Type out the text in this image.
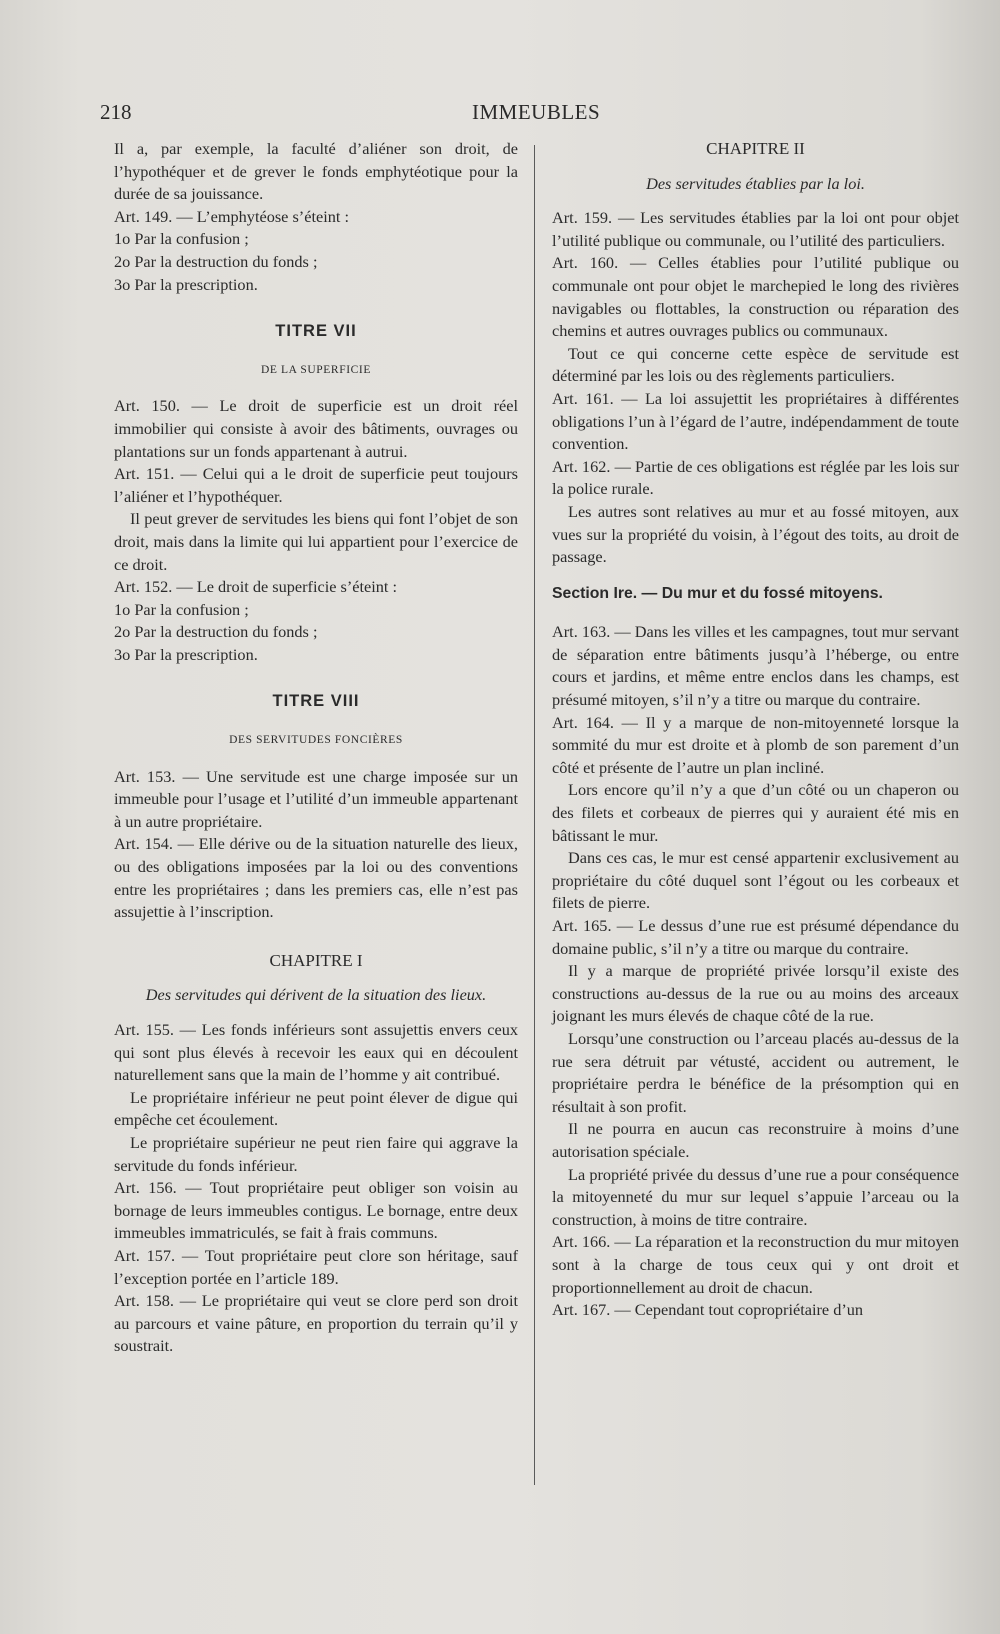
218	IMMEUBLES

Il a, par exemple, la faculté d’aliéner son droit, de l’hypothéquer et de grever le fonds emphytéotique pour la durée de sa jouissance.

Art. 149. — L’emphytéose s’éteint :

1o Par la confusion ;

2o Par la destruction du fonds ;

3o Par la prescription.

TITRE VII
DE LA SUPERFICIE

Art. 150. — Le droit de superficie est un droit réel immobilier qui consiste à avoir des bâtiments, ouvrages ou plantations sur un fonds appartenant à autrui.

Art. 151. — Celui qui a le droit de superficie peut toujours l’aliéner et l’hypothéquer.

Il peut grever de servitudes les biens qui font l’objet de son droit, mais dans la limite qui lui appartient pour l’exercice de ce droit.

Art. 152. — Le droit de superficie s’éteint :

1o Par la confusion ;

2o Par la destruction du fonds ;

3o Par la prescription.

TITRE VIII
DES SERVITUDES FONCIÈRES

Art. 153. — Une servitude est une charge imposée sur un immeuble pour l’usage et l’utilité d’un immeuble appartenant à un autre propriétaire.

Art. 154. — Elle dérive ou de la situation naturelle des lieux, ou des obligations imposées par la loi ou des conventions entre les propriétaires ; dans les premiers cas, elle n’est pas assujettie à l’inscription.

CHAPITRE I
Des servitudes qui dérivent de la situation des lieux.

Art. 155. — Les fonds inférieurs sont assujettis envers ceux qui sont plus élevés à recevoir les eaux qui en découlent naturellement sans que la main de l’homme y ait contribué.

Le propriétaire inférieur ne peut point élever de digue qui empêche cet écoulement.

Le propriétaire supérieur ne peut rien faire qui aggrave la servitude du fonds inférieur.

Art. 156. — Tout propriétaire peut obliger son voisin au bornage de leurs immeubles contigus. Le bornage, entre deux immeubles immatriculés, se fait à frais communs.

Art. 157. — Tout propriétaire peut clore son héritage, sauf l’exception portée en l’article 189.

Art. 158. — Le propriétaire qui veut se clore perd son droit au parcours et vaine pâture, en proportion du terrain qu’il y soustrait.

CHAPITRE II
Des servitudes établies par la loi.

Art. 159. — Les servitudes établies par la loi ont pour objet l’utilité publique ou communale, ou l’utilité des particuliers.

Art. 160. — Celles établies pour l’utilité publique ou communale ont pour objet le marchepied le long des rivières navigables ou flottables, la construction ou réparation des chemins et autres ouvrages publics ou communaux.

Tout ce qui concerne cette espèce de servitude est déterminé par les lois ou des règlements particuliers.

Art. 161. — La loi assujettit les propriétaires à différentes obligations l’un à l’égard de l’autre, indépendamment de toute convention.

Art. 162. — Partie de ces obligations est réglée par les lois sur la police rurale.

Les autres sont relatives au mur et au fossé mitoyen, aux vues sur la propriété du voisin, à l’égout des toits, au droit de passage.

Section Ire. — Du mur et du fossé mitoyens.

Art. 163. — Dans les villes et les campagnes, tout mur servant de séparation entre bâtiments jusqu’à l’héberge, ou entre cours et jardins, et même entre enclos dans les champs, est présumé mitoyen, s’il n’y a titre ou marque du contraire.

Art. 164. — Il y a marque de non-mitoyenneté lorsque la sommité du mur est droite et à plomb de son parement d’un côté et présente de l’autre un plan incliné.

Lors encore qu’il n’y a que d’un côté ou un chaperon ou des filets et corbeaux de pierres qui y auraient été mis en bâtissant le mur.

Dans ces cas, le mur est censé appartenir exclusivement au propriétaire du côté duquel sont l’égout ou les corbeaux et filets de pierre.

Art. 165. — Le dessus d’une rue est présumé dépendance du domaine public, s’il n’y a titre ou marque du contraire.

Il y a marque de propriété privée lorsqu’il existe des constructions au-dessus de la rue ou au moins des arceaux joignant les murs élevés de chaque côté de la rue.

Lorsqu’une construction ou l’arceau placés au-dessus de la rue sera détruit par vétusté, accident ou autrement, le propriétaire perdra le bénéfice de la présomption qui en résultait à son profit.

Il ne pourra en aucun cas reconstruire à moins d’une autorisation spéciale.

La propriété privée du dessus d’une rue a pour conséquence la mitoyenneté du mur sur lequel s’appuie l’arceau ou la construction, à moins de titre contraire.

Art. 166. — La réparation et la reconstruction du mur mitoyen sont à la charge de tous ceux qui y ont droit et proportionnellement au droit de chacun.

Art. 167. — Cependant tout copropriétaire d’un
